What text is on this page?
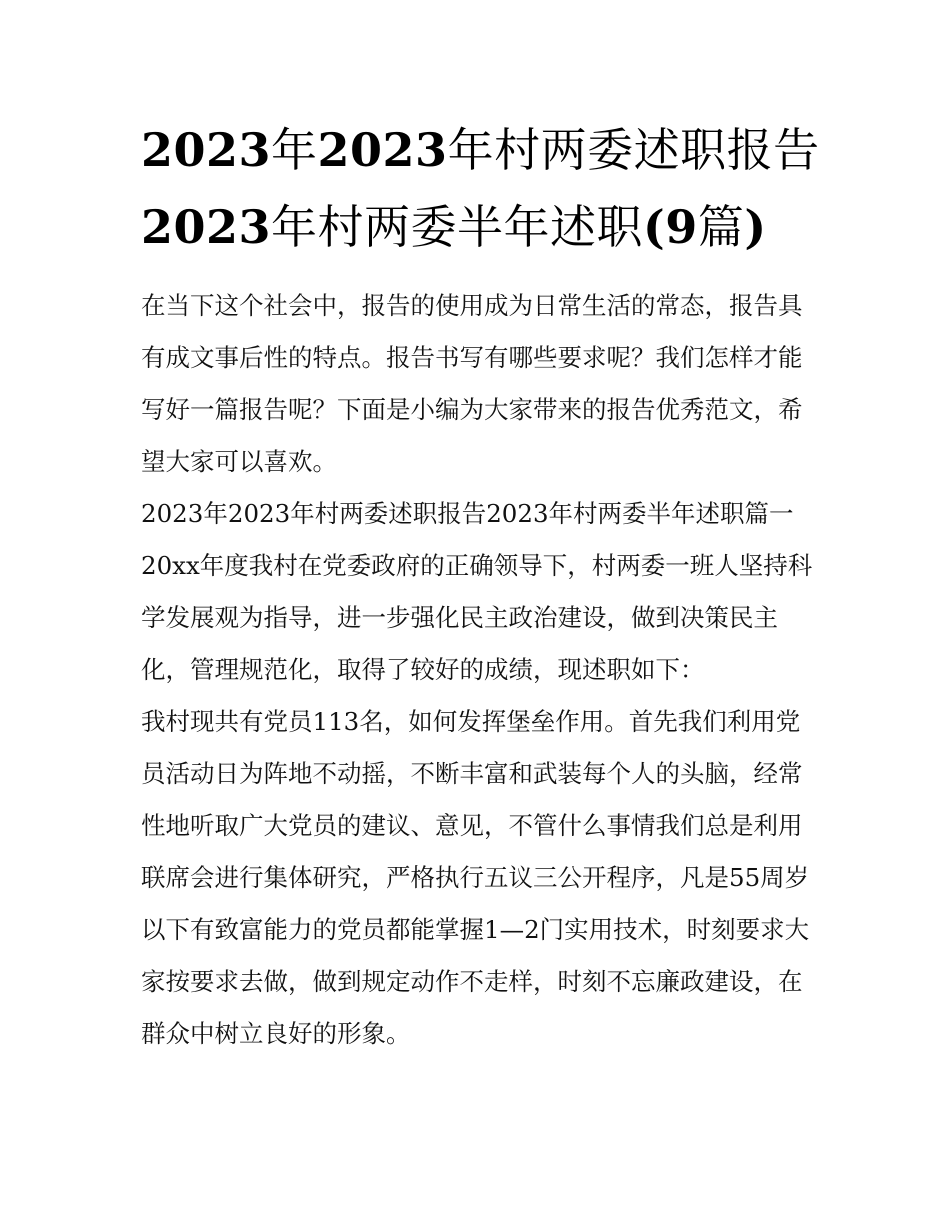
2023年2023年村两委述职报告2023年村两委半年述职(9篇)

在当下这个社会中，报告的使用成为日常生活的常态，报告具有成文事后性的特点。报告书写有哪些要求呢？我们怎样才能写好一篇报告呢？下面是小编为大家带来的报告优秀范文，希望大家可以喜欢。

2023年2023年村两委述职报告2023年村两委半年述职篇一

20xx年度我村在党委政府的正确领导下，村两委一班人坚持科学发展观为指导，进一步强化民主政治建设，做到决策民主化，管理规范化，取得了较好的成绩，现述职如下：

我村现共有党员113名，如何发挥堡垒作用。首先我们利用党员活动日为阵地不动摇，不断丰富和武装每个人的头脑，经常性地听取广大党员的建议、意见，不管什么事情我们总是利用联席会进行集体研究，严格执行五议三公开程序，凡是55周岁以下有致富能力的党员都能掌握1—2门实用技术，时刻要求大家按要求去做，做到规定动作不走样，时刻不忘廉政建设，在群众中树立良好的形象。
